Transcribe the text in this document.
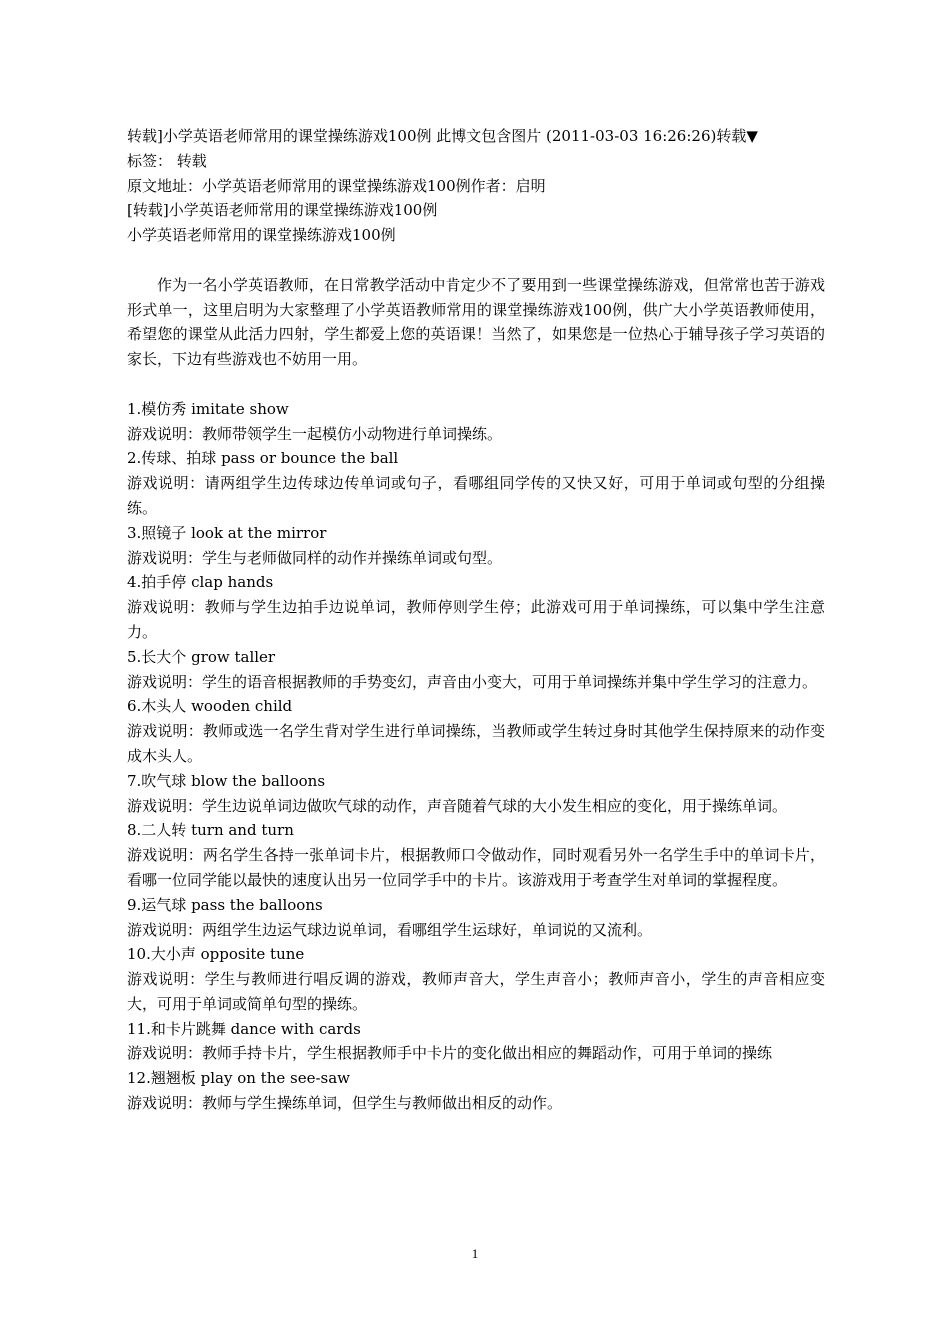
转载]小学英语老师常用的课堂操练游戏100例 此博文包含图片 (2011-03-03 16:26:26)转载▼
标签： 转载
原文地址：小学英语老师常用的课堂操练游戏100例作者：启明
[转载]小学英语老师常用的课堂操练游戏100例
小学英语老师常用的课堂操练游戏100例
作为一名小学英语教师，在日常教学活动中肯定少不了要用到一些课堂操练游戏，但常常也苦于游戏形式单一，这里启明为大家整理了小学英语教师常用的课堂操练游戏100例，供广大小学英语教师使用，希望您的课堂从此活力四射，学生都爱上您的英语课！当然了，如果您是一位热心于辅导孩子学习英语的家长，下边有些游戏也不妨用一用。
1.模仿秀 imitate show
游戏说明：教师带领学生一起模仿小动物进行单词操练。
2.传球、拍球 pass or bounce the ball
游戏说明：请两组学生边传球边传单词或句子，看哪组同学传的又快又好，可用于单词或句型的分组操练。
3.照镜子 look at the mirror
游戏说明：学生与老师做同样的动作并操练单词或句型。
4.拍手停 clap hands
游戏说明：教师与学生边拍手边说单词，教师停则学生停；此游戏可用于单词操练，可以集中学生注意力。
5.长大个 grow taller
游戏说明：学生的语音根据教师的手势变幻，声音由小变大，可用于单词操练并集中学生学习的注意力。
6.木头人 wooden child
游戏说明：教师或选一名学生背对学生进行单词操练，当教师或学生转过身时其他学生保持原来的动作变成木头人。
7.吹气球 blow the balloons
游戏说明：学生边说单词边做吹气球的动作，声音随着气球的大小发生相应的变化，用于操练单词。
8.二人转 turn and turn
游戏说明：两名学生各持一张单词卡片，根据教师口令做动作，同时观看另外一名学生手中的单词卡片，看哪一位同学能以最快的速度认出另一位同学手中的卡片。该游戏用于考查学生对单词的掌握程度。
9.运气球 pass the balloons
游戏说明：两组学生边运气球边说单词，看哪组学生运球好，单词说的又流利。
10.大小声 opposite tune
游戏说明：学生与教师进行唱反调的游戏，教师声音大，学生声音小；教师声音小，学生的声音相应变大，可用于单词或简单句型的操练。
11.和卡片跳舞 dance with cards
游戏说明：教师手持卡片，学生根据教师手中卡片的变化做出相应的舞蹈动作，可用于单词的操练
12.翘翘板 play on the see-saw
游戏说明：教师与学生操练单词，但学生与教师做出相反的动作。
1
